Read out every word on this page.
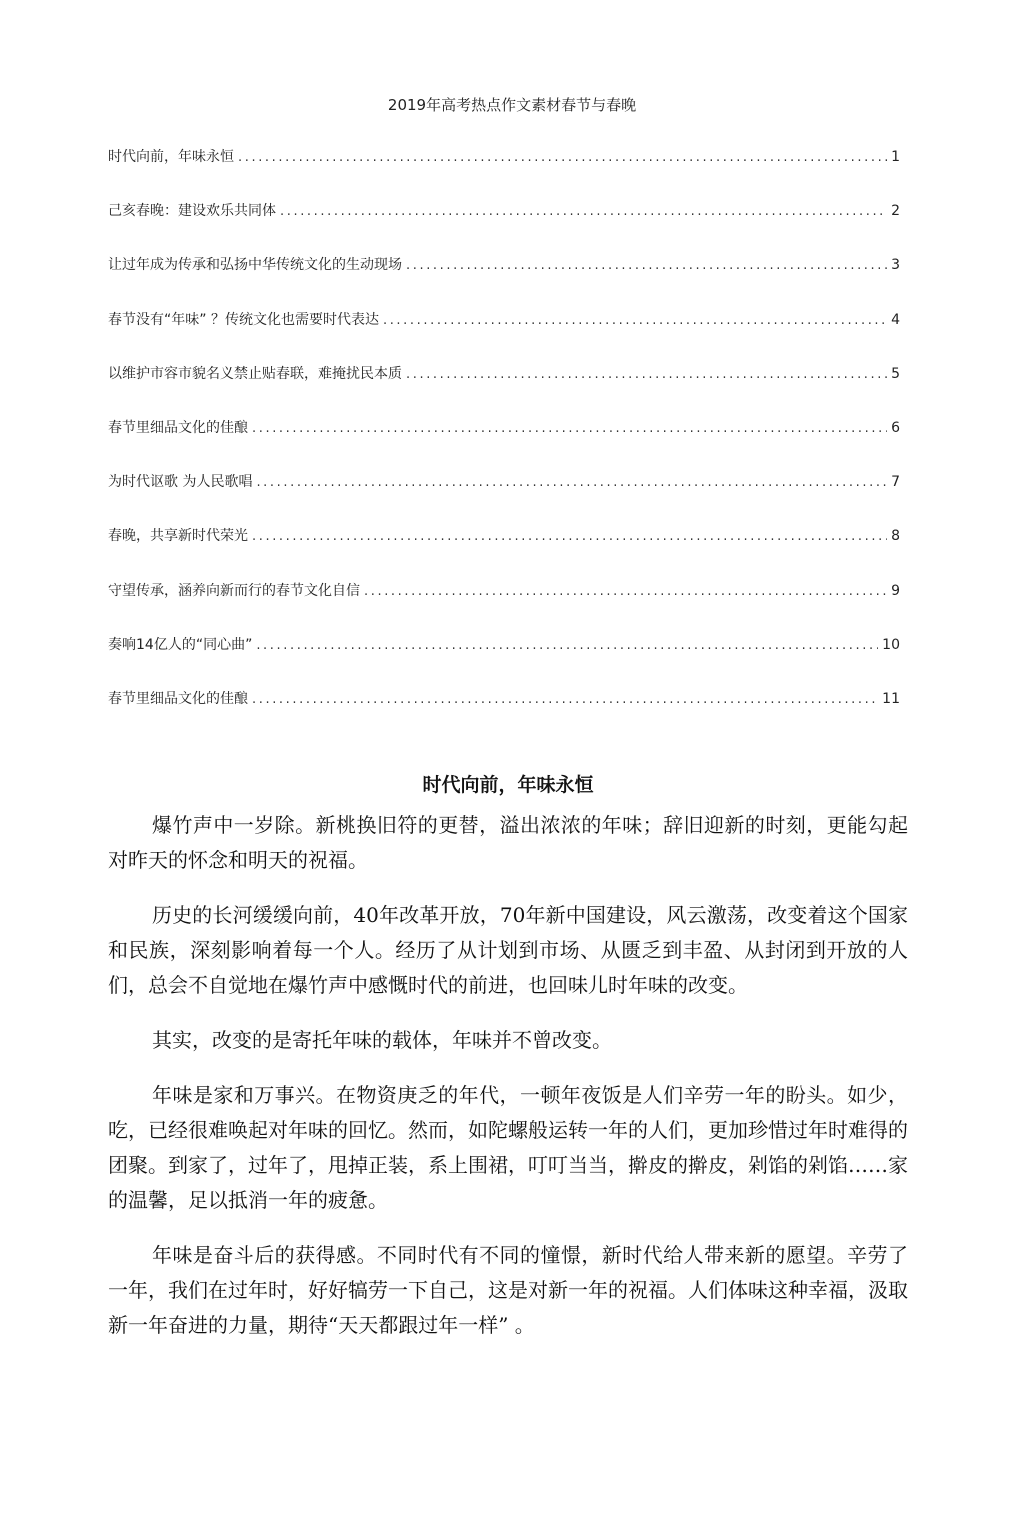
2019年高考热点作文素材春节与春晚
时代向前，年味永恒 .....	1
己亥春晚：建设欢乐共同体 .....	2
让过年成为传承和弘扬中华传统文化的生动现场 .....	3
春节没有“年味” ？传统文化也需要时代表达 .....	4
以维护市容市貌名义禁止贴春联，难掩扰民本质 .....	5
春节里细品文化的佳酿 .....	6
为时代讴歌 为人民歌唱 .....	7
春晚，共享新时代荣光 .....	8
守望传承，涵养向新而行的春节文化自信 .....	9
奏响14亿人的“同心曲” .....	10
春节里细品文化的佳酿 .....	11
时代向前，年味永恒

爆竹声中一岁除。新桃换旧符的更替，溢出浓浓的年味；辞旧迎新的时刻，更能勾起对昨天的怀念和明天的祝福。

历史的长河缓缓向前，40年改革开放，70年新中国建设，风云激荡，改变着这个国家和民族，深刻影响着每一个人。经历了从计划到市场、从匮乏到丰盈、从封闭到开放的人们，总会不自觉地在爆竹声中感慨时代的前进，也回味儿时年味的改变。

其实，改变的是寄托年味的载体，年味并不曾改变。

年味是家和万事兴。在物资庚乏的年代，一顿年夜饭是人们辛劳一年的盼头。如少，吃，已经很难唤起对年味的回忆。然而，如陀螺般运转一年的人们，更加珍惜过年时难得的团聚。到家了，过年了，甩掉正装，系上围裙，叮叮当当，擀皮的擀皮，剁馅的剁馅……家的温馨，足以抵消一年的疲惫。

年味是奋斗后的获得感。不同时代有不同的憧憬，新时代给人带来新的愿望。辛劳了一年，我们在过年时，好好犒劳一下自己，这是对新一年的祝福。人们体味这种幸福，汲取新一年奋进的力量，期待“天天都跟过年一样” 。
